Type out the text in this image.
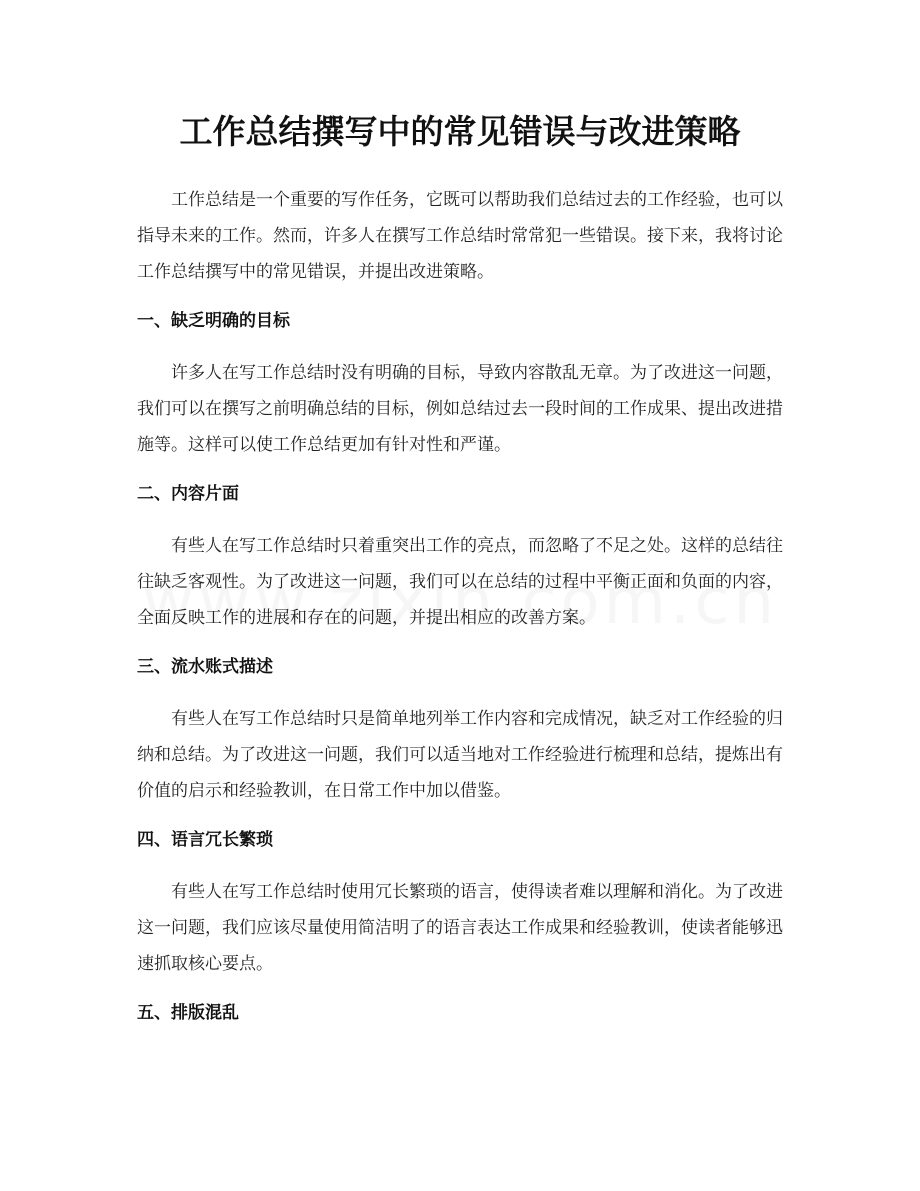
工作总结撰写中的常见错误与改进策略

工作总结是一个重要的写作任务，它既可以帮助我们总结过去的工作经验，也可以指导未来的工作。然而，许多人在撰写工作总结时常常犯一些错误。接下来，我将讨论工作总结撰写中的常见错误，并提出改进策略。

一、缺乏明确的目标

许多人在写工作总结时没有明确的目标，导致内容散乱无章。为了改进这一问题，我们可以在撰写之前明确总结的目标，例如总结过去一段时间的工作成果、提出改进措施等。这样可以使工作总结更加有针对性和严谨。

二、内容片面

有些人在写工作总结时只着重突出工作的亮点，而忽略了不足之处。这样的总结往往缺乏客观性。为了改进这一问题，我们可以在总结的过程中平衡正面和负面的内容，全面反映工作的进展和存在的问题，并提出相应的改善方案。

三、流水账式描述

有些人在写工作总结时只是简单地列举工作内容和完成情况，缺乏对工作经验的归纳和总结。为了改进这一问题，我们可以适当地对工作经验进行梳理和总结，提炼出有价值的启示和经验教训，在日常工作中加以借鉴。

四、语言冗长繁琐

有些人在写工作总结时使用冗长繁琐的语言，使得读者难以理解和消化。为了改进这一问题，我们应该尽量使用简洁明了的语言表达工作成果和经验教训，使读者能够迅速抓取核心要点。

五、排版混乱
